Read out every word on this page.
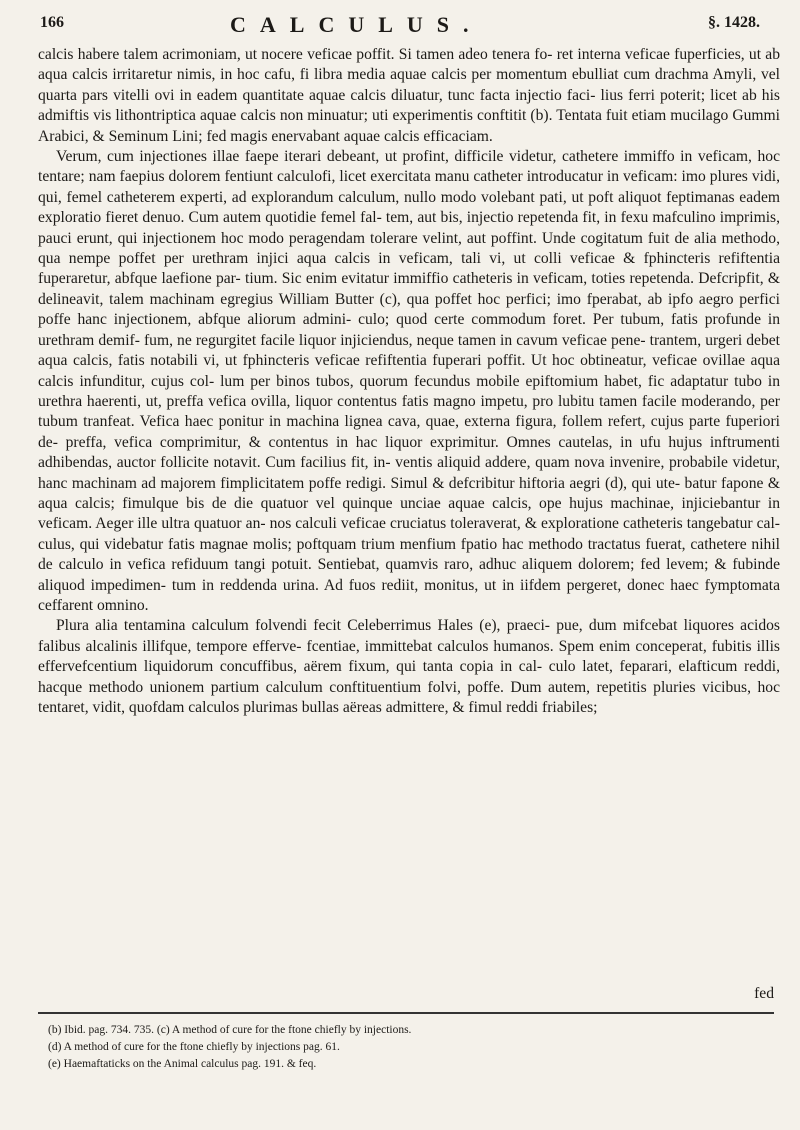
166	CALCULUS.	§. 1428.

calcis habere talem acrimoniam, ut nocere veficae poffit. Si tamen adeo tenera fo- ret interna veficae fuperficies, ut ab aqua calcis irritaretur nimis, in hoc cafu, fi libra media aquae calcis per momentum ebulliat cum drachma Amyli, vel quarta pars vitelli ovi in eadem quantitate aquae calcis diluatur, tunc facta injectio faci- lius ferri poterit; licet ab his admiftis vis lithontriptica aquae calcis non minuatur; uti experimentis conftitit (b). Tentata fuit etiam mucilago Gummi Arabici, & Seminum Lini; fed magis enervabant aquae calcis efficaciam.

Verum, cum injectiones illae faepe iterari debeant, ut profint, difficile videtur, cathetere immiffo in veficam, hoc tentare; nam faepius dolorem fentiunt calculofi, licet exercitata manu catheter introducatur in veficam: imo plures vidi, qui, femel catheterem experti, ad explorandum calculum, nullo modo volebant pati, ut poft aliquot feptimanas eadem exploratio fieret denuo. Cum autem quotidie femel fal- tem, aut bis, injectio repetenda fit, in fexu mafculino imprimis, pauci erunt, qui injectionem hoc modo peragendam tolerare velint, aut poffint. Unde cogitatum fuit de alia methodo, qua nempe poffet per urethram injici aqua calcis in veficam, tali vi, ut colli veficae & fphincteris refiftentia fuperaretur, abfque laefione par- tium. Sic enim evitatur immiffio catheteris in veficam, toties repetenda. Defcripfit, & delineavit, talem machinam egregius William Butter (c), qua poffet hoc perfici; imo fperabat, ab ipfo aegro perfici poffe hanc injectionem, abfque aliorum admini- culo; quod certe commodum foret. Per tubum, fatis profunde in urethram demif- fum, ne regurgitet facile liquor injiciendus, neque tamen in cavum veficae pene- trantem, urgeri debet aqua calcis, fatis notabili vi, ut fphincteris veficae refiftentia fuperari poffit. Ut hoc obtineatur, veficae ovillae aqua calcis infunditur, cujus col- lum per binos tubos, quorum fecundus mobile epiftomium habet, fic adaptatur tubo in urethra haerenti, ut, preffa vefica ovilla, liquor contentus fatis magno impetu, pro lubitu tamen facile moderando, per tubum tranfeat. Vefica haec ponitur in machina lignea cava, quae, externa figura, follem refert, cujus parte fuperiori de- preffa, vefica comprimitur, & contentus in hac liquor exprimitur. Omnes cautelas, in ufu hujus inftrumenti adhibendas, auctor follicite notavit. Cum facilius fit, in- ventis aliquid addere, quam nova invenire, probabile videtur, hanc machinam ad majorem fimplicitatem poffe redigi. Simul & defcribitur hiftoria aegri (d), qui ute- batur fapone & aqua calcis; fimulque bis de die quatuor vel quinque unciae aquae calcis, ope hujus machinae, injiciebantur in veficam. Aeger ille ultra quatuor an- nos calculi veficae cruciatus toleraverat, & exploratione catheteris tangebatur cal- culus, qui videbatur fatis magnae molis; poftquam trium menfium fpatio hac methodo tractatus fuerat, cathetere nihil de calculo in vefica refiduum tangi potuit. Sentiebat, quamvis raro, adhuc aliquem dolorem; fed levem; & fubinde aliquod impedimen- tum in reddenda urina. Ad fuos rediit, monitus, ut in iifdem pergeret, donec haec fymptomata ceffarent omnino.

Plura alia tentamina calculum folvendi fecit Celeberrimus Hales (e), praeci- pue, dum mifcebat liquores acidos falibus alcalinis illifque, tempore efferve- fcentiae, immittebat calculos humanos. Spem enim conceperat, fubitis illis effervefcentium liquidorum concuffibus, aërem fixum, qui tanta copia in cal- culo latet, feparari, elafticum reddi, hacque methodo unionem partium calculum conftituentium folvi, poffe. Dum autem, repetitis pluries vicibus, hoc tentaret, vidit, quofdam calculos plurimas bullas aëreas admittere, & fimul reddi friabiles;

fed
(b) Ibid. pag. 734. 735. (c) A method of cure for the ftone chiefly by injections.
(d) A method of cure for the ftone chiefly by injections pag. 61.
(e) Haemaftaticks on the Animal calculus pag. 191. & feq.
